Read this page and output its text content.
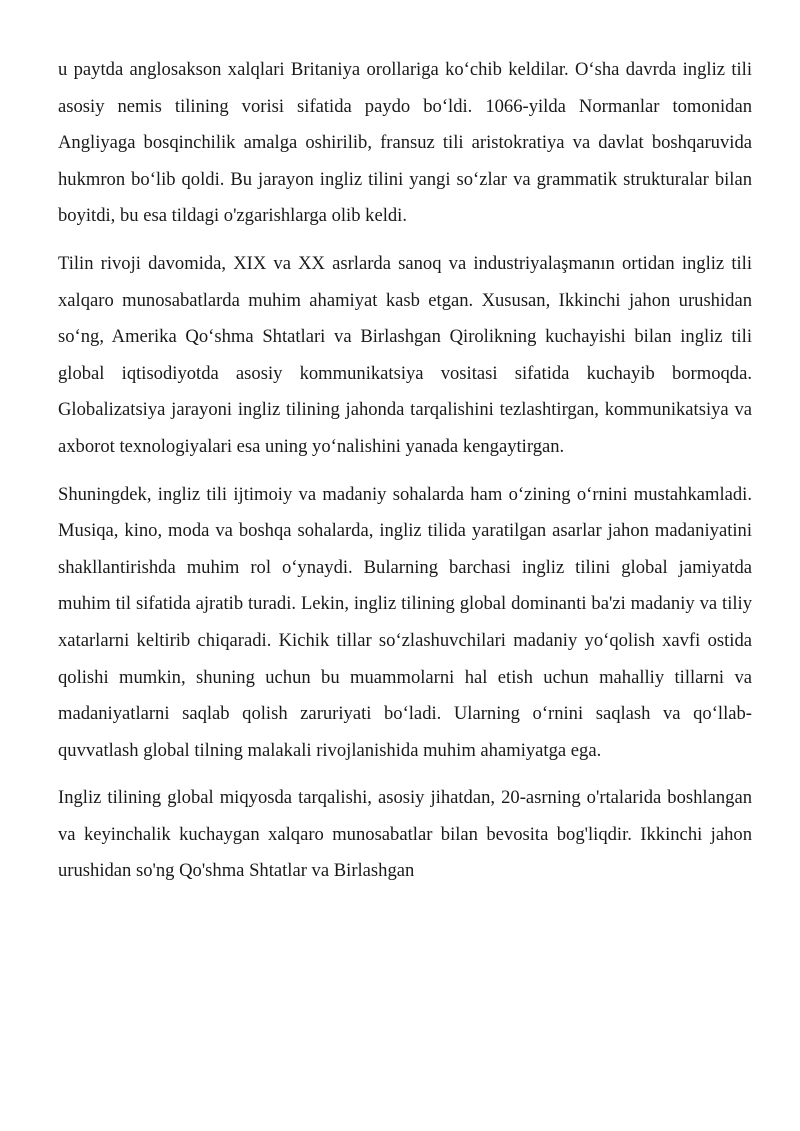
u paytda anglosakson xalqlari Britaniya orollariga ko‘chib keldilar. O‘sha davrda ingliz tili asosiy nemis tilining vorisi sifatida paydo bo‘ldi. 1066-yilda Normanlar tomonidan Angliyaga bosqinchilik amalga oshirilib, fransuz tili aristokratiya va davlat boshqaruvida hukmron bo‘lib qoldi. Bu jarayon ingliz tilini yangi so‘zlar va grammatik strukturalar bilan boyitdi, bu esa tildagi o'zgarishlarga olib keldi.

Tilin rivoji davomida, XIX va XX asrlarda sanoq va industriyalaşmanın ortidan ingliz tili xalqaro munosabatlarda muhim ahamiyat kasb etgan. Xususan, Ikkinchi jahon urushidan so‘ng, Amerika Qo‘shma Shtatlari va Birlashgan Qirolikning kuchayishi bilan ingliz tili global iqtisodiyotda asosiy kommunikatsiya vositasi sifatida kuchayib bormoqda. Globalizatsiya jarayoni ingliz tilining jahonda tarqalishini tezlashtirgan, kommunikatsiya va axborot texnologiyalari esa uning yo‘nalishini yanada kengaytirgan.

Shuningdek, ingliz tili ijtimoiy va madaniy sohalarda ham o‘zining o‘rnini mustahkamladi. Musiqa, kino, moda va boshqa sohalarda, ingliz tilida yaratilgan asarlar jahon madaniyatini shakllantirishda muhim rol o‘ynaydi. Bularning barchasi ingliz tilini global jamiyatda muhim til sifatida ajratib turadi. Lekin, ingliz tilining global dominanti ba'zi madaniy va tiliy xatarlarni keltirib chiqaradi. Kichik tillar so‘zlashuvchilari madaniy yo‘qolish xavfi ostida qolishi mumkin, shuning uchun bu muammolarni hal etish uchun mahalliy tillarni va madaniyatlarni saqlab qolish zaruriyati bo‘ladi. Ularning o‘rnini saqlash va qo‘llab-quvvatlash global tilning malakali rivojlanishida muhim ahamiyatga ega.

Ingliz tilining global miqyosda tarqalishi, asosiy jihatdan, 20-asrning o'rtalarida boshlangan va keyinchalik kuchaygan xalqaro munosabatlar bilan bevosita bog'liqdir. Ikkinchi jahon urushidan so'ng Qo'shma Shtatlar va Birlashgan
